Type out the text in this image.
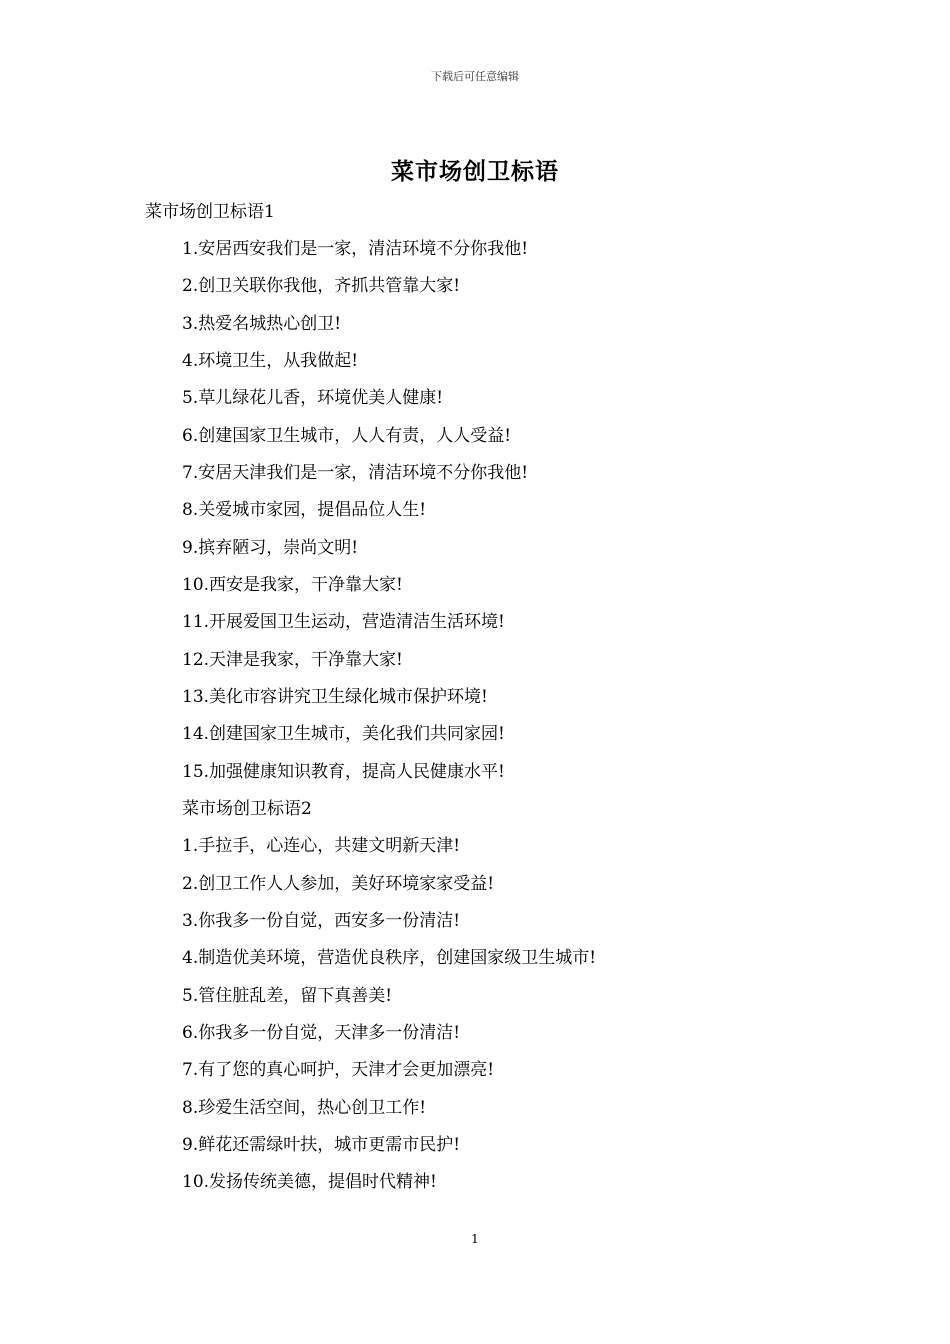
下载后可任意编辑
菜市场创卫标语
菜市场创卫标语1
1.安居西安我们是一家，清洁环境不分你我他!
2.创卫关联你我他，齐抓共管靠大家!
3.热爱名城热心创卫!
4.环境卫生，从我做起!
5.草儿绿花儿香，环境优美人健康!
6.创建国家卫生城市，人人有责，人人受益!
7.安居天津我们是一家，清洁环境不分你我他!
8.关爱城市家园，提倡品位人生!
9.摈弃陋习，崇尚文明!
10.西安是我家，干净靠大家!
11.开展爱国卫生运动，营造清洁生活环境!
12.天津是我家，干净靠大家!
13.美化市容讲究卫生绿化城市保护环境!
14.创建国家卫生城市，美化我们共同家园!
15.加强健康知识教育，提高人民健康水平!
菜市场创卫标语2
1.手拉手，心连心，共建文明新天津!
2.创卫工作人人参加，美好环境家家受益!
3.你我多一份自觉，西安多一份清洁!
4.制造优美环境，营造优良秩序，创建国家级卫生城市!
5.管住脏乱差，留下真善美!
6.你我多一份自觉，天津多一份清洁!
7.有了您的真心呵护，天津才会更加漂亮!
8.珍爱生活空间，热心创卫工作!
9.鲜花还需绿叶扶，城市更需市民护!
10.发扬传统美德，提倡时代精神!
1
